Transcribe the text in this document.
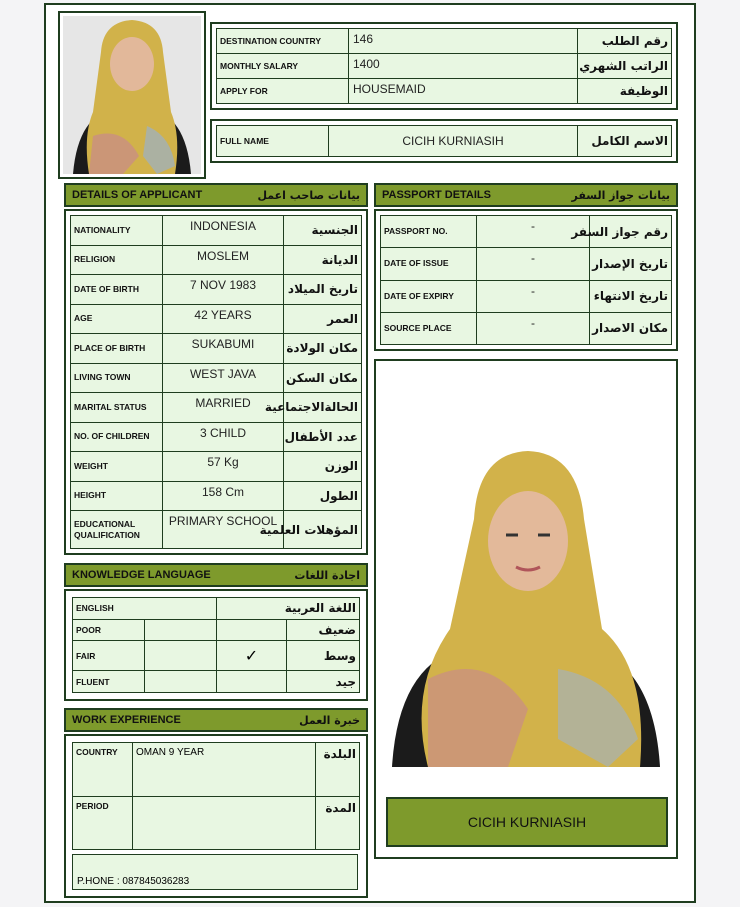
DESTINATION COUNTRY	146	رقم الطلب
MONTHLY SALARY	1400	الراتب الشهري
APPLY FOR	HOUSEMAID	الوظيفة
FULL NAME	CICIH KURNIASIH	الاسم الكامل
DETAILS OF APPLICANT	بيانات صاحب اعمل
NATIONALITY	INDONESIA	الجنسية
RELIGION	MOSLEM	الديانة
DATE OF BIRTH	7 NOV 1983	تاريخ الميلاد
AGE	42 YEARS	العمر
PLACE OF BIRTH	SUKABUMI	مكان الولادة
LIVING TOWN	WEST JAVA	مكان السكن
MARITAL STATUS	MARRIED	الحالةالاجتماعية
NO. OF CHILDREN	3 CHILD	عدد الأطفال
WEIGHT	57 Kg	الوزن
HEIGHT	158 Cm	الطول
EDUCATIONAL QUALIFICATION	PRIMARY SCHOOL	المؤهلات العلمية
PASSPORT DETAILS	بيانات جواز السفر
PASSPORT NO.	-	رقم جواز السفر
DATE OF ISSUE	-	تاريخ الإصدار
DATE OF EXPIRY	-	تاريخ الانتهاء
SOURCE PLACE	-	مكان الاصدار
KNOWLEDGE LANGUAGE	اجادة اللغات
ENGLISH		اللغة العربية	
POOR			ضعيف
FAIR		✓	وسط
FLUENT			جيد
WORK EXPERIENCE	خبرة العمل
COUNTRY	OMAN 9 YEAR	البلدة
PERIOD		المدة
P.HONE : 087845036283
CICIH KURNIASIH
